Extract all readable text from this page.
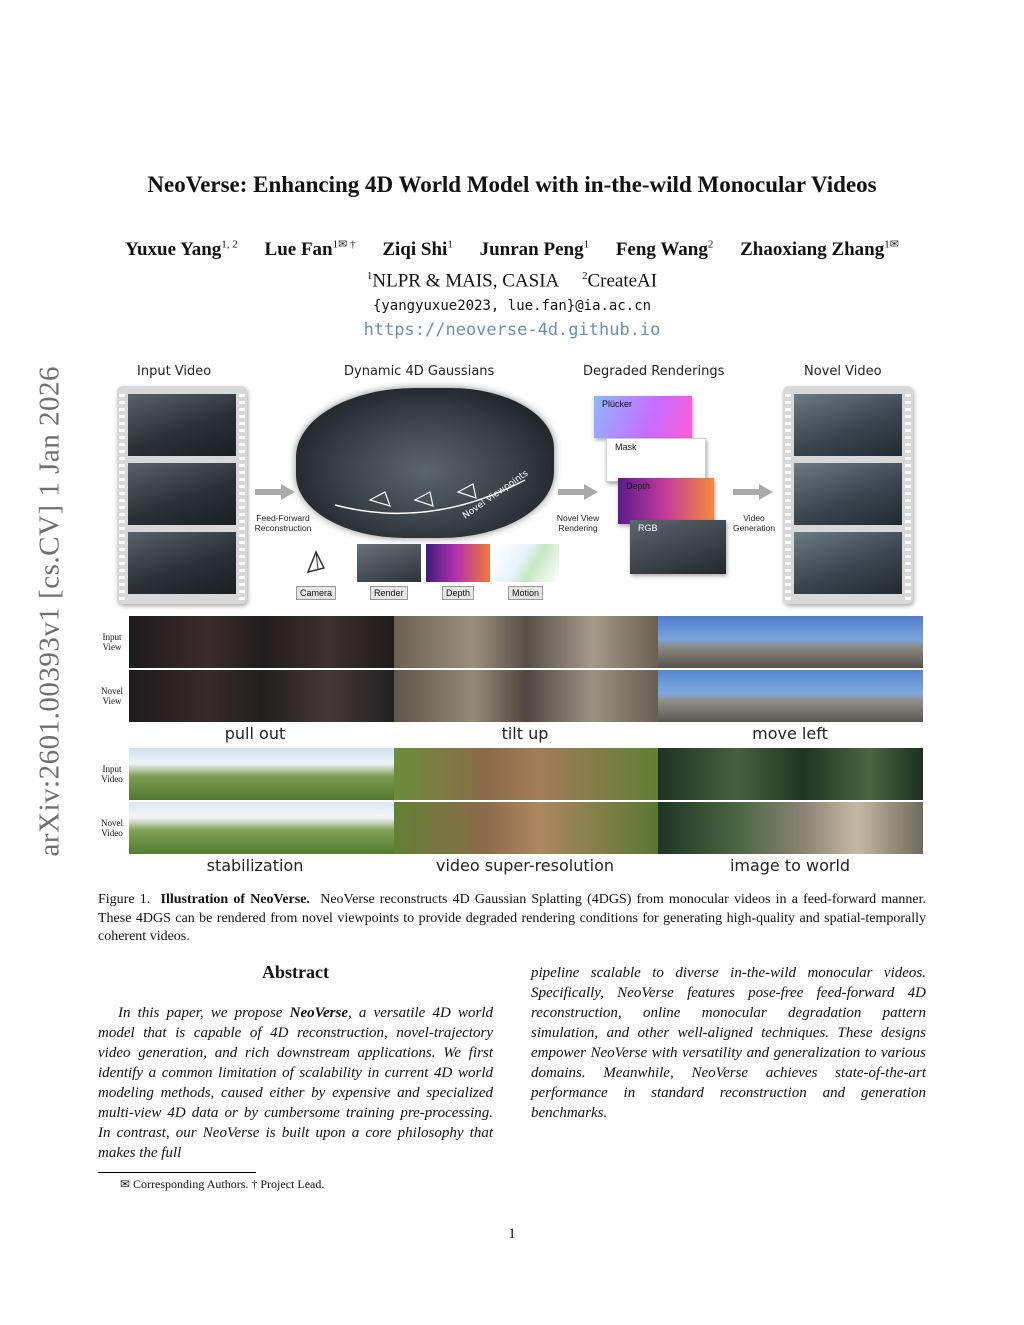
arXiv:2601.00393v1 [cs.CV] 1 Jan 2026
NeoVerse: Enhancing 4D World Model with in-the-wild Monocular Videos
Yuxue Yang$^{1, 2}$ Lue Fan$^{1✉ \dagger}$ Ziqi Shi$^1$ Junran Peng$^1$ Feng Wang$^2$ Zhaoxiang Zhang$^{1✉}$
$^1$NLPR & MAIS, CASIA $^2$CreateAI
{yangyuxue2023, lue.fan}@ia.ac.cn
https://neoverse-4d.github.io
Input Video	Dynamic 4D Gaussians	Degraded Renderings	Novel Video
Feed-Forward Reconstruction
Novel Viewpoints
Camera	Render	Depth	Motion
Novel View Rendering
Plücker
Mask
Depth
RGB
Video Generation
Input View
Novel View
Input Video
Novel Video
pull out	tilt up	move left
stabilization	video super-resolution	image to world
Figure 1. Illustration of NeoVerse. NeoVerse reconstructs 4D Gaussian Splatting (4DGS) from monocular videos in a feed-forward manner. These 4DGS can be rendered from novel viewpoints to provide degraded rendering conditions for generating high-quality and spatial-temporally coherent videos.
Abstract
In this paper, we propose NeoVerse, a versatile 4D world model that is capable of 4D reconstruction, novel-trajectory video generation, and rich downstream applications. We first identify a common limitation of scalability in current 4D world modeling methods, caused either by expensive and specialized multi-view 4D data or by cumbersome training pre-processing. In contrast, our NeoVerse is built upon a core philosophy that makes the full
pipeline scalable to diverse in-the-wild monocular videos. Specifically, NeoVerse features pose-free feed-forward 4D reconstruction, online monocular degradation pattern simulation, and other well-aligned techniques. These designs empower NeoVerse with versatility and generalization to various domains. Meanwhile, NeoVerse achieves state-of-the-art performance in standard reconstruction and generation benchmarks.
✉ Corresponding Authors. † Project Lead.
1
